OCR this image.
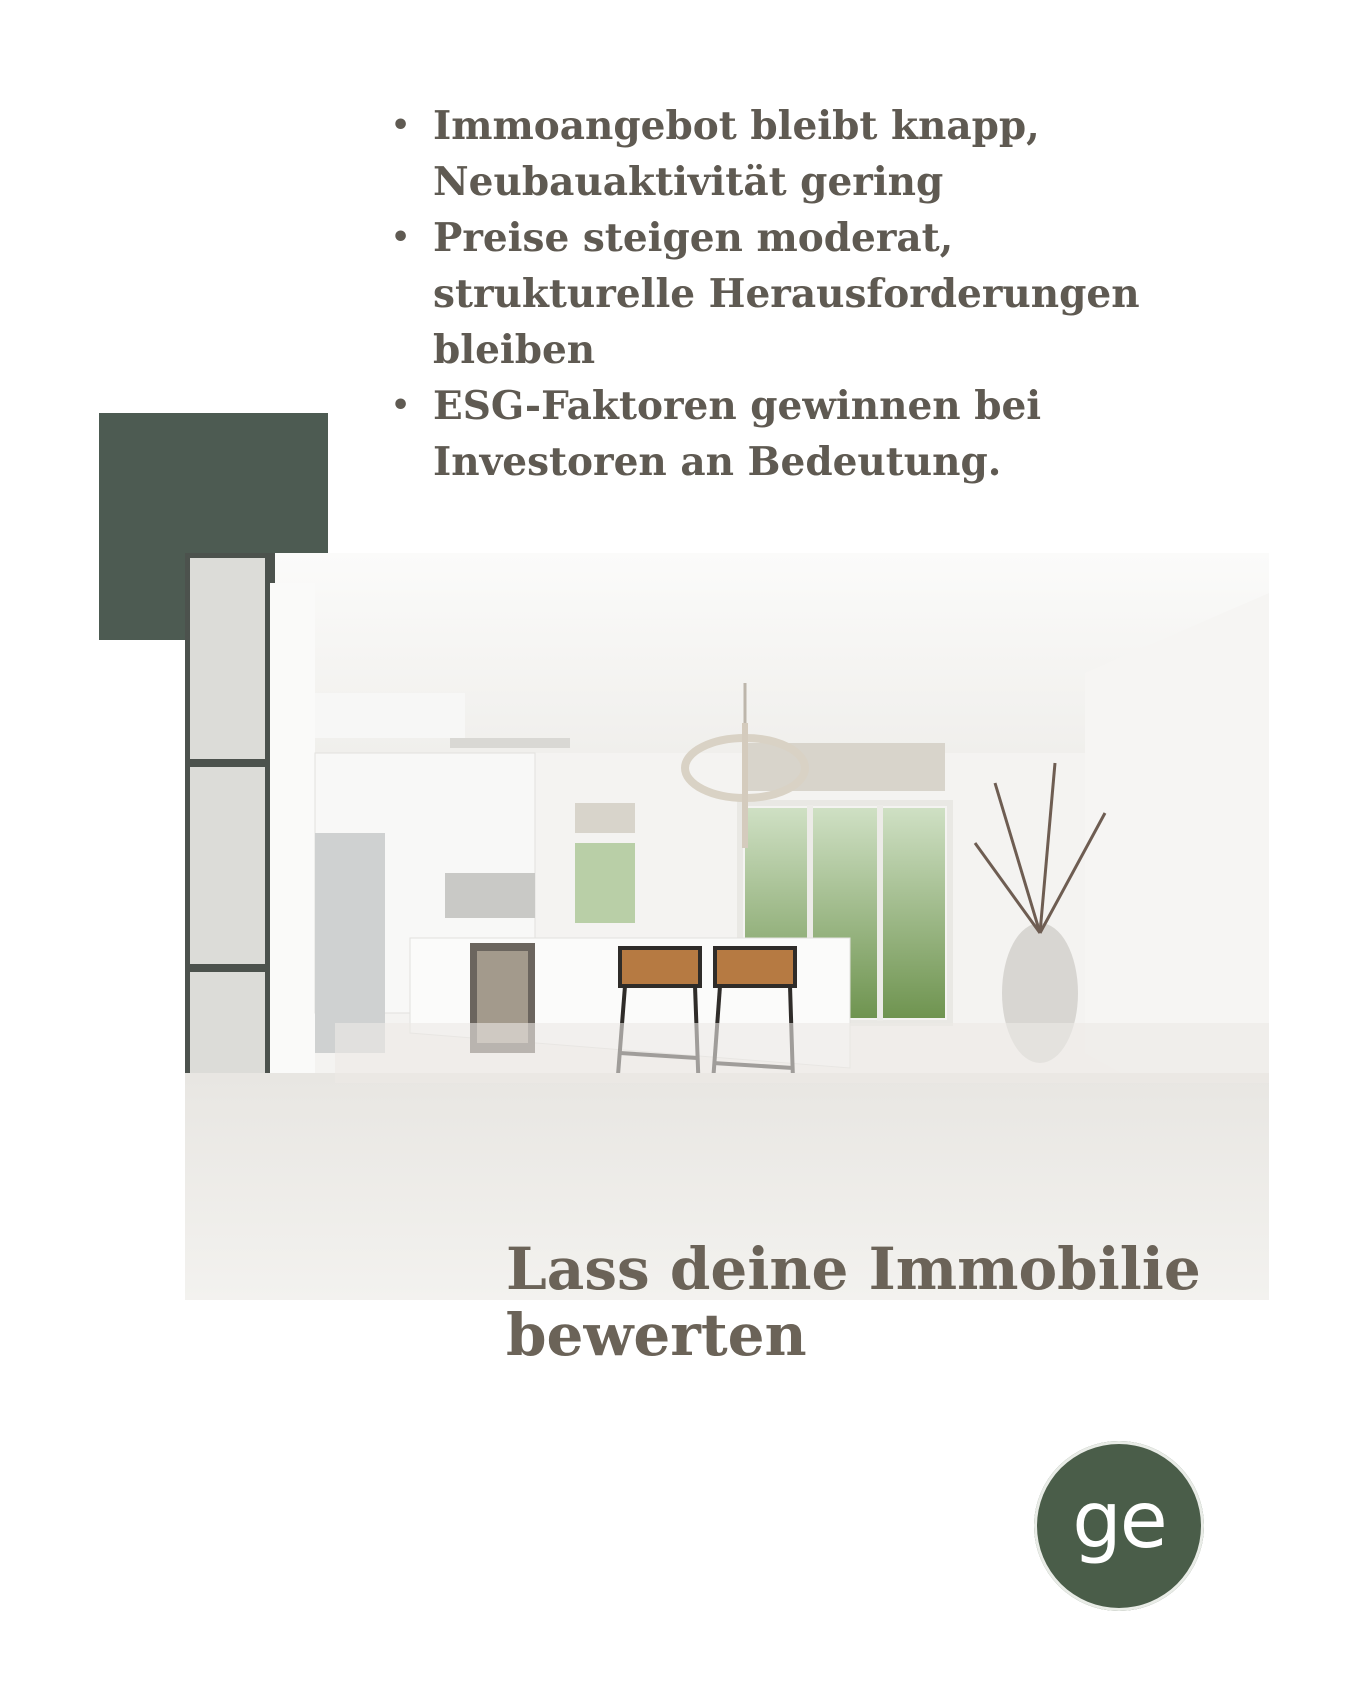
• Immoangebot bleibt knapp, Neubauaktivität gering
• Preise steigen moderat, strukturelle Herausforderungen bleiben
• ESG-Faktoren gewinnen bei Investoren an Bedeutung.
Lass deine Immobilie
bewerten
ge
